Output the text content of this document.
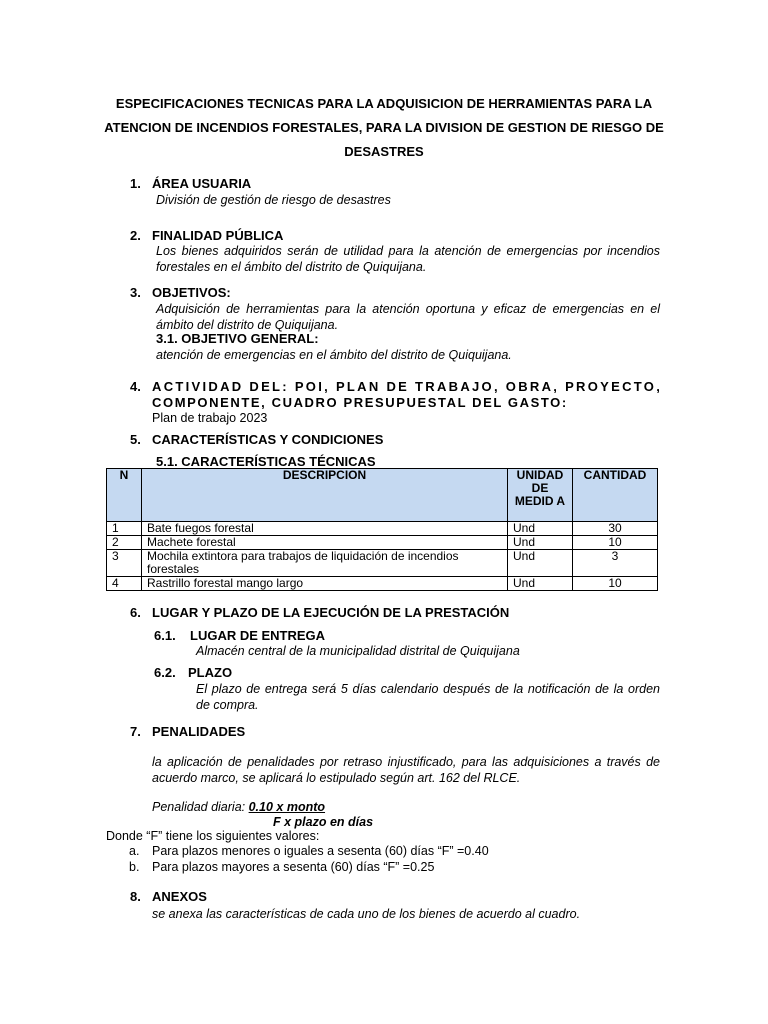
ESPECIFICACIONES TECNICAS PARA LA ADQUISICION DE HERRAMIENTAS PARA LA ATENCION DE INCENDIOS FORESTALES, PARA LA DIVISION DE GESTION DE RIESGO DE DESASTRES
1. ÁREA USUARIA
División de gestión de riesgo de desastres
2. FINALIDAD PÚBLICA
Los bienes adquiridos serán de utilidad para la atención de emergencias por incendios forestales en el ámbito del distrito de Quiquijana.
3. OBJETIVOS:
Adquisición de herramientas para la atención oportuna y eficaz de emergencias en el ámbito del distrito de Quiquijana.
3.1. OBJETIVO GENERAL:
atención de emergencias en el ámbito del distrito de Quiquijana.
4. ACTIVIDAD DEL: POI, PLAN DE TRABAJO, OBRA, PROYECTO,
COMPONENTE, CUADRO PRESUPUESTAL DEL GASTO:
Plan de trabajo 2023
5. CARACTERÍSTICAS Y CONDICIONES
5.1. CARACTERÍSTICAS TÉCNICAS
N	DESCRIPCION	UNIDAD DE MEDID A	CANTIDAD
1	Bate fuegos forestal	Und	30
2	Machete forestal	Und	10
3	Mochila extintora para trabajos de liquidación de incendios forestales	Und	3
4	Rastrillo forestal mango largo	Und	10
6. LUGAR Y PLAZO DE LA EJECUCIÓN DE LA PRESTACIÓN
6.1. LUGAR DE ENTREGA
Almacén central de la municipalidad distrital de Quiquijana
6.2. PLAZO
El plazo de entrega será 5 días calendario después de la notificación de la orden de compra.
7. PENALIDADES
la aplicación de penalidades por retraso injustificado, para las adquisiciones a través de acuerdo marco, se aplicará lo estipulado según art. 162 del RLCE.
Penalidad diaria: 0.10 x monto
F x plazo en días
Donde “F” tiene los siguientes valores:
a. Para plazos menores o iguales a sesenta (60) días “F” =0.40
b. Para plazos mayores a sesenta (60) días “F” =0.25
8. ANEXOS
se anexa las características de cada uno de los bienes de acuerdo al cuadro.
